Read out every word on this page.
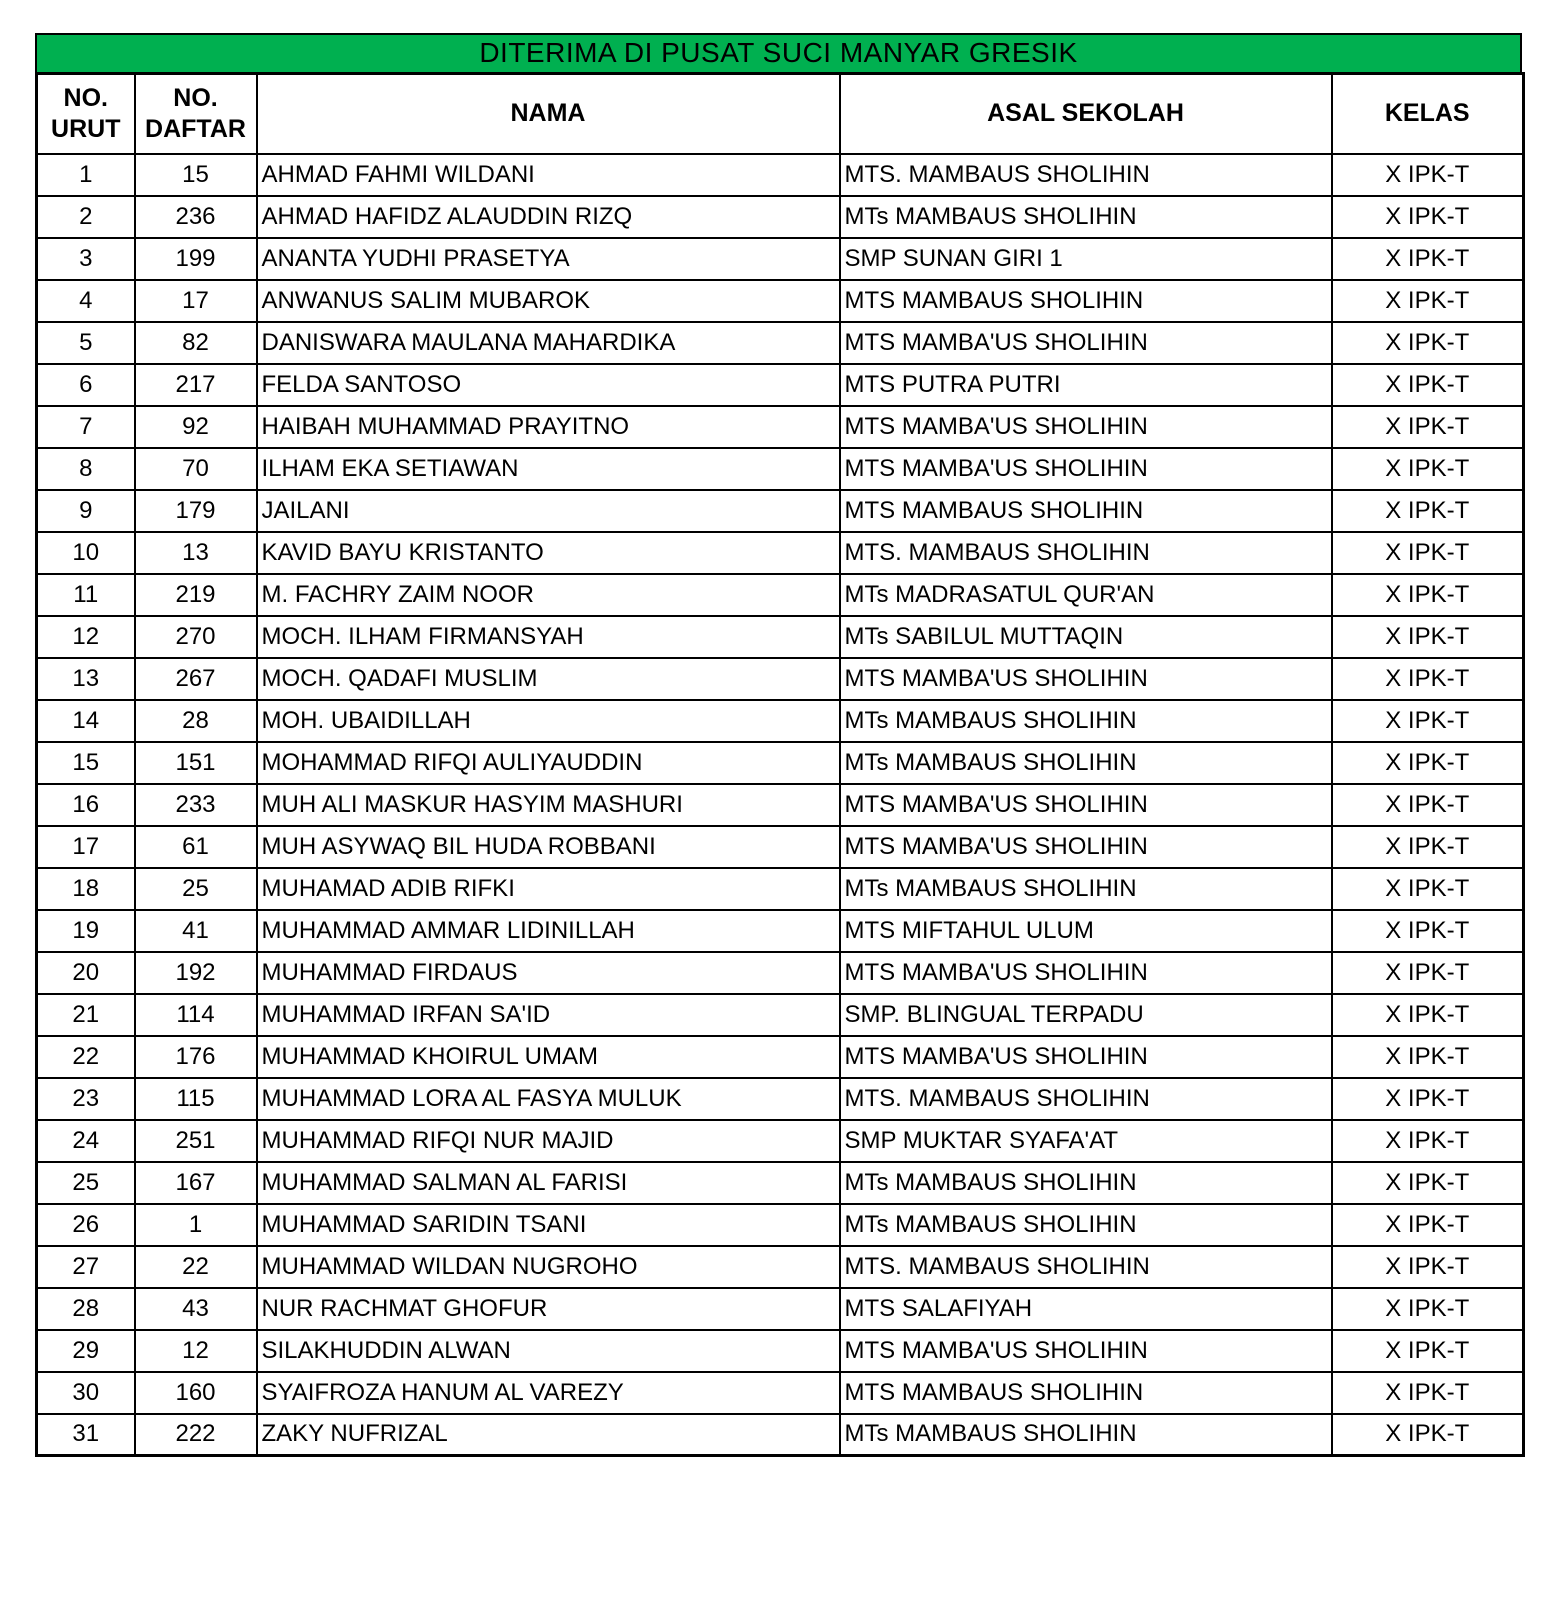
DITERIMA DI PUSAT SUCI MANYAR GRESIK
NO.
URUT	NO.
DAFTAR	NAMA	ASAL SEKOLAH	KELAS
1	15	AHMAD FAHMI WILDANI	MTS. MAMBAUS SHOLIHIN	X IPK-T
2	236	AHMAD HAFIDZ ALAUDDIN RIZQ	MTs MAMBAUS SHOLIHIN	X IPK-T
3	199	ANANTA YUDHI PRASETYA	SMP SUNAN GIRI 1	X IPK-T
4	17	ANWANUS SALIM MUBAROK	MTS MAMBAUS SHOLIHIN	X IPK-T
5	82	DANISWARA MAULANA MAHARDIKA	MTS MAMBA'US SHOLIHIN	X IPK-T
6	217	FELDA SANTOSO	MTS PUTRA PUTRI	X IPK-T
7	92	HAIBAH MUHAMMAD PRAYITNO	MTS MAMBA'US SHOLIHIN	X IPK-T
8	70	ILHAM EKA SETIAWAN	MTS MAMBA'US SHOLIHIN	X IPK-T
9	179	JAILANI	MTS MAMBAUS SHOLIHIN	X IPK-T
10	13	KAVID BAYU KRISTANTO	MTS. MAMBAUS SHOLIHIN	X IPK-T
11	219	M. FACHRY ZAIM NOOR	MTs MADRASATUL QUR'AN	X IPK-T
12	270	MOCH. ILHAM FIRMANSYAH	MTs SABILUL MUTTAQIN	X IPK-T
13	267	MOCH. QADAFI MUSLIM	MTS MAMBA'US SHOLIHIN	X IPK-T
14	28	MOH. UBAIDILLAH	MTs MAMBAUS SHOLIHIN	X IPK-T
15	151	MOHAMMAD RIFQI AULIYAUDDIN	MTs MAMBAUS SHOLIHIN	X IPK-T
16	233	MUH ALI MASKUR HASYIM MASHURI	MTS MAMBA'US SHOLIHIN	X IPK-T
17	61	MUH ASYWAQ BIL HUDA ROBBANI	MTS MAMBA'US SHOLIHIN	X IPK-T
18	25	MUHAMAD ADIB RIFKI	MTs MAMBAUS SHOLIHIN	X IPK-T
19	41	MUHAMMAD AMMAR LIDINILLAH	MTS MIFTAHUL ULUM	X IPK-T
20	192	MUHAMMAD FIRDAUS	MTS MAMBA'US SHOLIHIN	X IPK-T
21	114	MUHAMMAD IRFAN SA'ID	SMP. BLINGUAL TERPADU	X IPK-T
22	176	MUHAMMAD KHOIRUL UMAM	MTS MAMBA'US SHOLIHIN	X IPK-T
23	115	MUHAMMAD LORA AL FASYA MULUK	MTS. MAMBAUS SHOLIHIN	X IPK-T
24	251	MUHAMMAD RIFQI NUR MAJID	SMP MUKTAR SYAFA'AT	X IPK-T
25	167	MUHAMMAD SALMAN AL FARISI	MTs MAMBAUS SHOLIHIN	X IPK-T
26	1	MUHAMMAD SARIDIN TSANI	MTs MAMBAUS SHOLIHIN	X IPK-T
27	22	MUHAMMAD WILDAN NUGROHO	MTS. MAMBAUS SHOLIHIN	X IPK-T
28	43	NUR RACHMAT GHOFUR	MTS SALAFIYAH	X IPK-T
29	12	SILAKHUDDIN ALWAN	MTS MAMBA'US SHOLIHIN	X IPK-T
30	160	SYAIFROZA HANUM AL VAREZY	MTS MAMBAUS SHOLIHIN	X IPK-T
31	222	ZAKY NUFRIZAL	MTs MAMBAUS SHOLIHIN	X IPK-T
